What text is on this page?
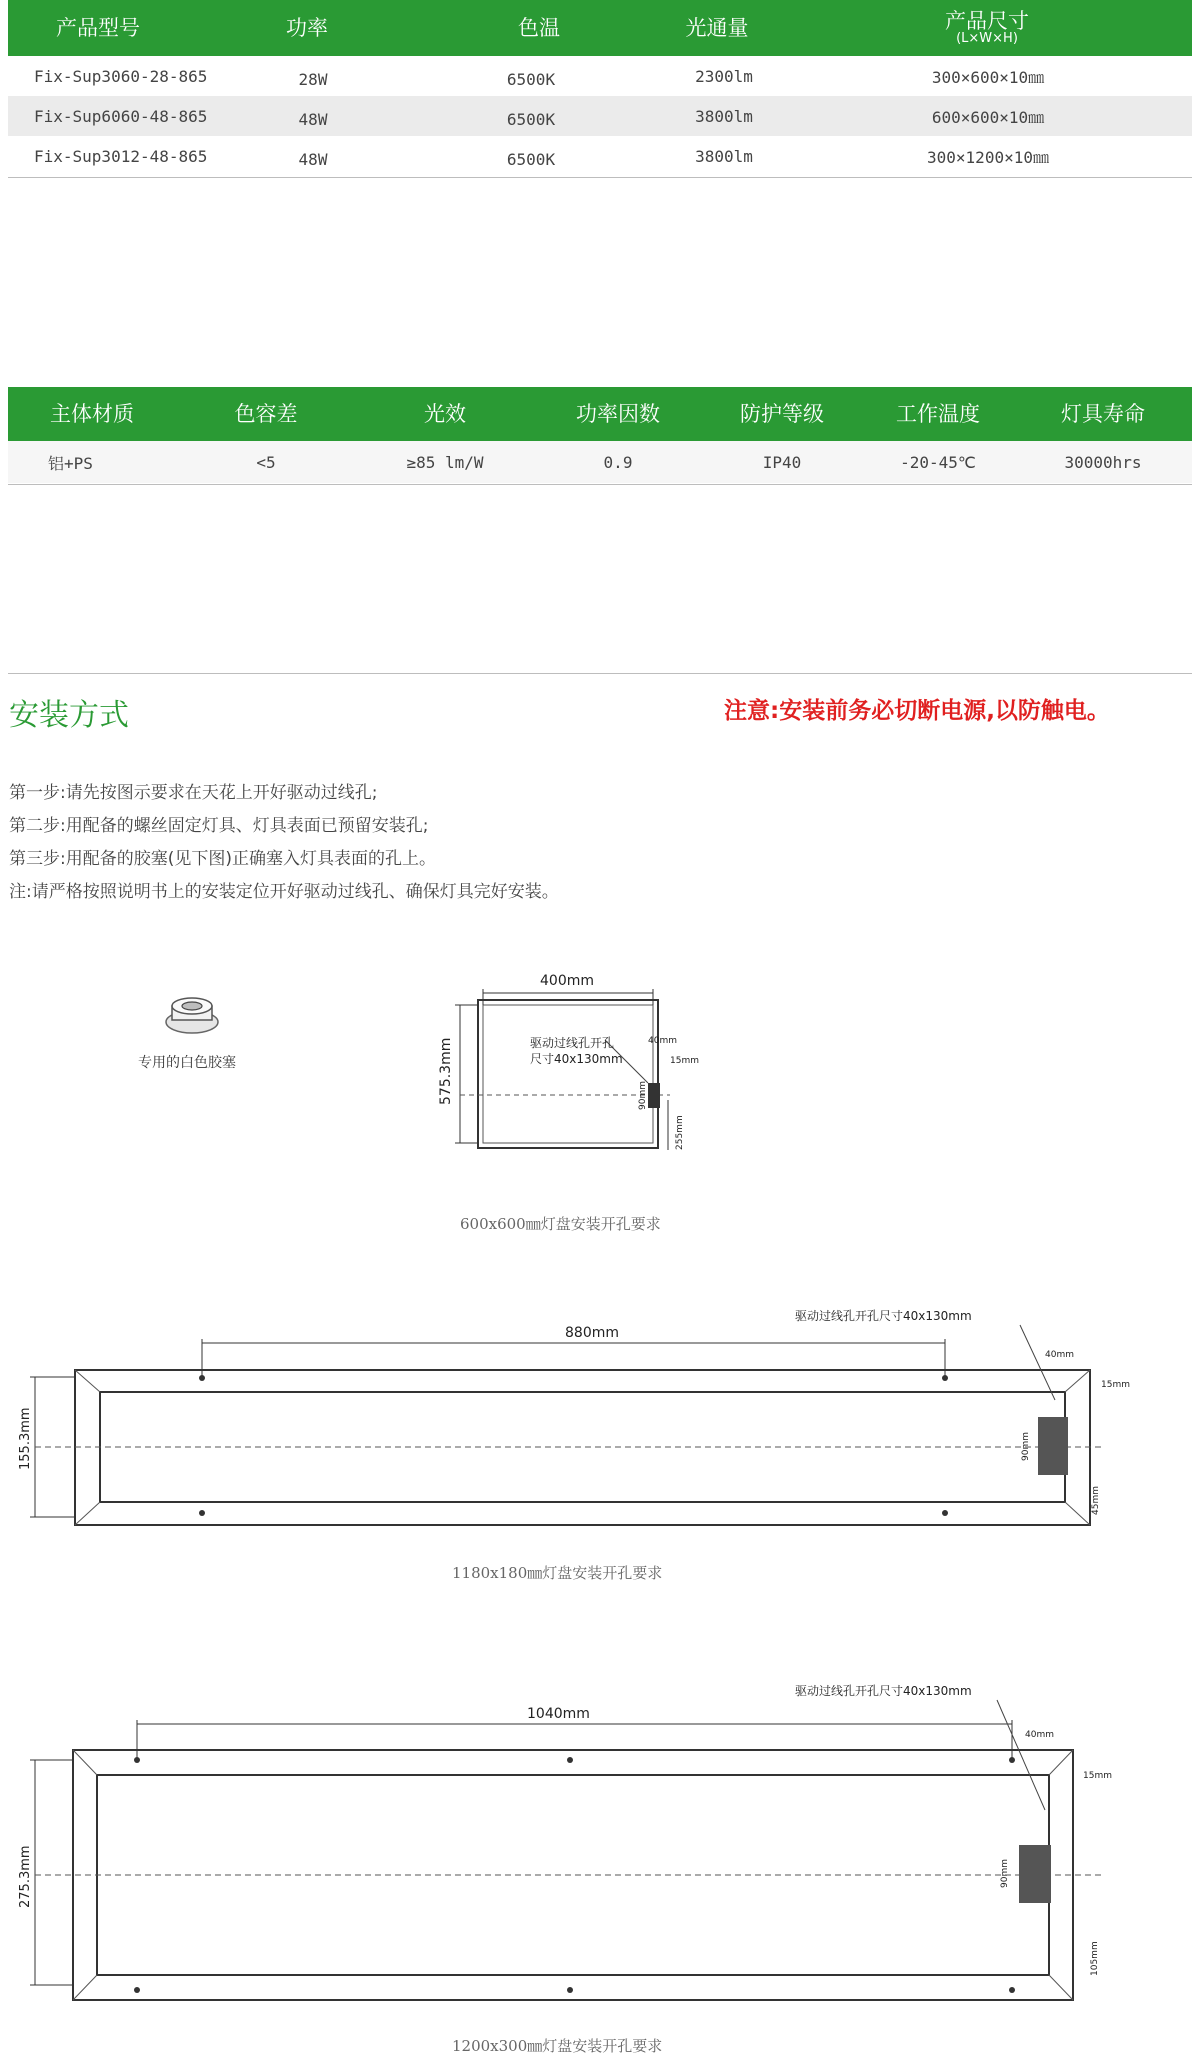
产品型号	功率	色温	光通量	产品尺寸
(L×W×H)
Fix-Sup3060-28-865	28W	6500K	2300lm	300×600×10㎜
Fix-Sup6060-48-865	48W	6500K	3800lm	600×600×10㎜
Fix-Sup3012-48-865	48W	6500K	3800lm	300×1200×10㎜
主体材质	色容差	光效	功率因数	防护等级	工作温度	灯具寿命
铝+PS	<5	≥85 lm/W	0.9	IP40	-20-45℃	30000hrs
安装方式	注意:安装前务必切断电源,以防触电。
第一步:请先按图示要求在天花上开好驱动过线孔;
第二步:用配备的螺丝固定灯具、灯具表面已预留安装孔;
第三步:用配备的胶塞(见下图)正确塞入灯具表面的孔上。
注:请严格按照说明书上的安装定位开好驱动过线孔、确保灯具完好安装。
专用的白色胶塞
400mm
575.3mm	驱动过线孔开孔
尺寸40x130mm
40mm
15mm
90mm
255mm
600x600㎜灯盘安装开孔要求
驱动过线孔开孔尺寸40x130mm
880mm
155.3mm
40mm
15mm
90mm
45mm
1180x180㎜灯盘安装开孔要求
驱动过线孔开孔尺寸40x130mm
1040mm
275.3mm
40mm
15mm
90mm
105mm
1200x300㎜灯盘安装开孔要求
